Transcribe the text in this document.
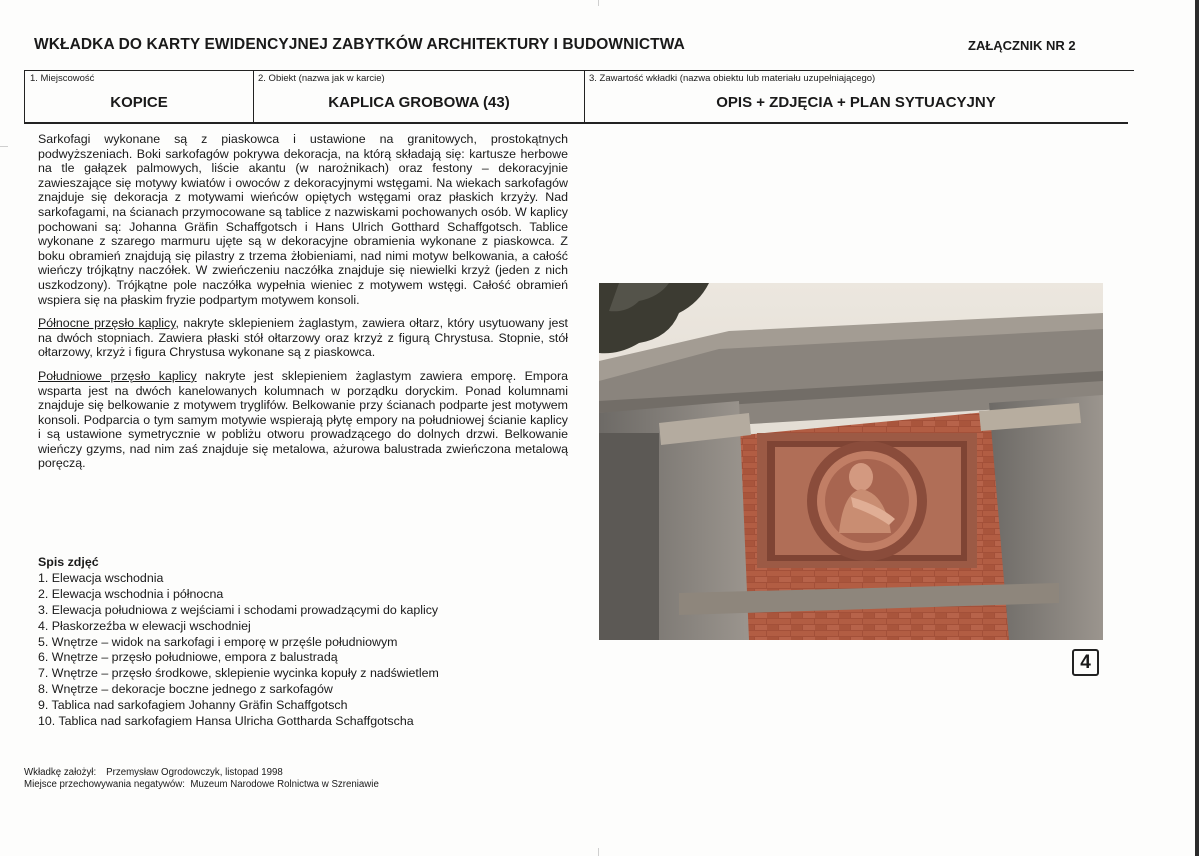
WKŁADKA DO KARTY EWIDENCYJNEJ ZABYTKÓW ARCHITEKTURY I BUDOWNICTWA	ZAŁĄCZNIK NR 2
1. Miejscowość
KOPICE
2. Obiekt (nazwa jak w karcie)
KAPLICA GROBOWA (43)
3. Zawartość wkładki (nazwa obiektu lub materiału uzupełniającego)
OPIS + ZDJĘCIA + PLAN SYTUACYJNY

Sarkofagi wykonane są z piaskowca i ustawione na granitowych, prostokątnych podwyższeniach. Boki sarkofagów pokrywa dekoracja, na którą składają się: kartusze herbowe na tle gałązek palmowych, liście akantu (w narożnikach) oraz festony – dekoracyjnie zawieszające się motywy kwiatów i owoców z dekoracyjnymi wstęgami. Na wiekach sarkofagów znajduje się dekoracja z motywami wieńców opiętych wstęgami oraz płaskich krzyży. Nad sarkofagami, na ścianach przymocowane są tablice z nazwiskami pochowanych osób. W kaplicy pochowani są: Johanna Gräfin Schaffgotsch i Hans Ulrich Gotthard Schaffgotsch. Tablice wykonane z szarego marmuru ujęte są w dekoracyjne obramienia wykonane z piaskowca. Z boku obramień znajdują się pilastry z trzema żłobieniami, nad nimi motyw belkowania, a całość wieńczy trójkątny naczółek. W zwieńczeniu naczółka znajduje się niewielki krzyż (jeden z nich uszkodzony). Trójkątne pole naczółka wypełnia wieniec z motywem wstęgi. Całość obramień wspiera się na płaskim fryzie podpartym motywem konsoli.

Północne przęsło kaplicy, nakryte sklepieniem żaglastym, zawiera ołtarz, który usytuowany jest na dwóch stopniach. Zawiera płaski stół ołtarzowy oraz krzyż z figurą Chrystusa. Stopnie, stół ołtarzowy, krzyż i figura Chrystusa wykonane są z piaskowca.

Południowe przęsło kaplicy nakryte jest sklepieniem żaglastym zawiera emporę. Empora wsparta jest na dwóch kanelowanych kolumnach w porządku doryckim. Ponad kolumnami znajduje się belkowanie z motywem tryglifów. Belkowanie przy ścianach podparte jest motywem konsoli. Podparcia o tym samym motywie wspierają płytę empory na południowej ścianie kaplicy i są ustawione symetrycznie w pobliżu otworu prowadzącego do dolnych drzwi. Belkowanie wieńczy gzyms, nad nim zaś znajduje się metalowa, ażurowa balustrada zwieńczona metalową poręczą.

Spis zdjęć
1. Elewacja wschodnia
2. Elewacja wschodnia i północna
3. Elewacja południowa z wejściami i schodami prowadzącymi do kaplicy
4. Płaskorzeźba w elewacji wschodniej
5. Wnętrze – widok na sarkofagi i emporę w przęśle południowym
6. Wnętrze – przęsło południowe, empora z balustradą
7. Wnętrze – przęsło środkowe, sklepienie wycinka kopuły z nadświetlem
8. Wnętrze – dekoracje boczne jednego z sarkofagów
9. Tablica nad sarkofagiem Johanny Gräfin Schaffgotsch
10. Tablica nad sarkofagiem Hansa Ulricha Gottharda Schaffgotscha
Wkładkę założył: Przemysław Ogrodowczyk, listopad 1998
Miejsce przechowywania negatywów: Muzeum Narodowe Rolnictwa w Szreniawie
4
